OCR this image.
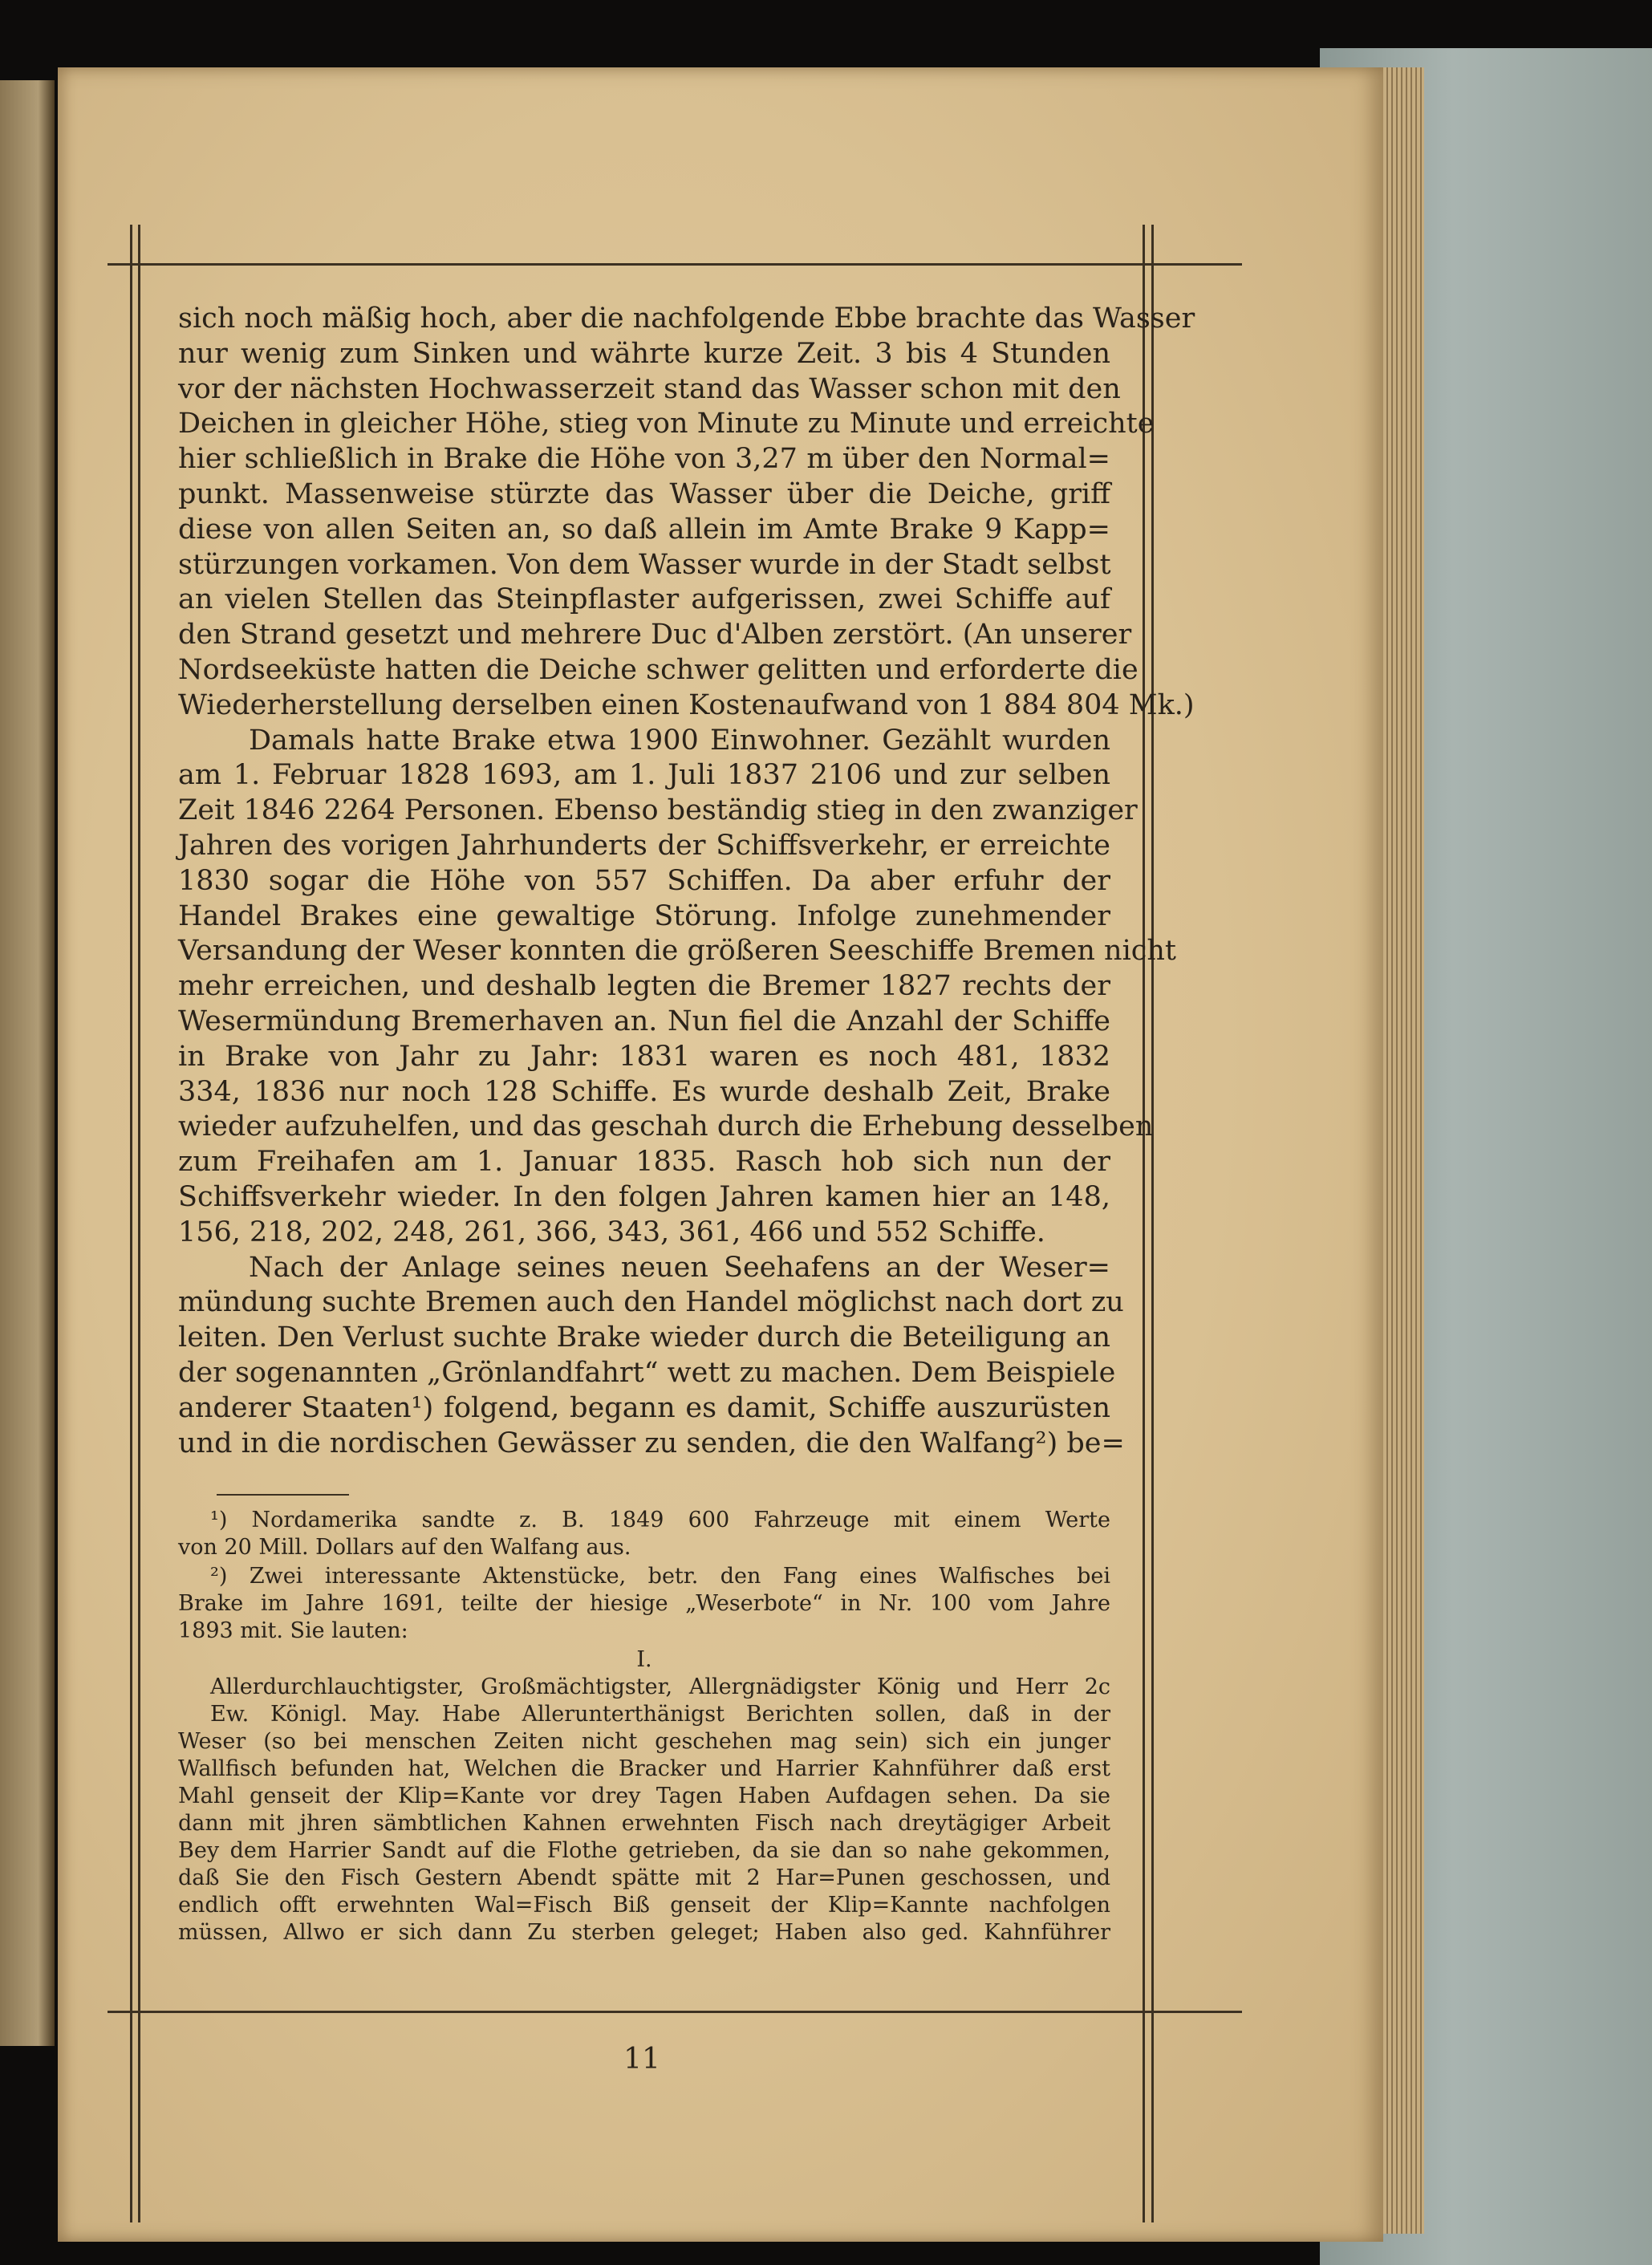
sich noch mäßig hoch, aber die nachfolgende Ebbe brachte das Wasser
nur wenig zum Sinken und währte kurze Zeit. 3 bis 4 Stunden
vor der nächsten Hochwasserzeit stand das Wasser schon mit den
Deichen in gleicher Höhe, stieg von Minute zu Minute und erreichte
hier schließlich in Brake die Höhe von 3,27 m über den Normal=
punkt. Massenweise stürzte das Wasser über die Deiche, griff
diese von allen Seiten an, so daß allein im Amte Brake 9 Kapp=
stürzungen vorkamen. Von dem Wasser wurde in der Stadt selbst
an vielen Stellen das Steinpflaster aufgerissen, zwei Schiffe auf
den Strand gesetzt und mehrere Duc d'Alben zerstört. (An unserer
Nordseeküste hatten die Deiche schwer gelitten und erforderte die
Wiederherstellung derselben einen Kostenaufwand von 1 884 804 Mk.)
Damals hatte Brake etwa 1900 Einwohner. Gezählt wurden
am 1. Februar 1828 1693, am 1. Juli 1837 2106 und zur selben
Zeit 1846 2264 Personen. Ebenso beständig stieg in den zwanziger
Jahren des vorigen Jahrhunderts der Schiffsverkehr, er erreichte
1830 sogar die Höhe von 557 Schiffen. Da aber erfuhr der
Handel Brakes eine gewaltige Störung. Infolge zunehmender
Versandung der Weser konnten die größeren Seeschiffe Bremen nicht
mehr erreichen, und deshalb legten die Bremer 1827 rechts der
Wesermündung Bremerhaven an. Nun fiel die Anzahl der Schiffe
in Brake von Jahr zu Jahr: 1831 waren es noch 481, 1832
334, 1836 nur noch 128 Schiffe. Es wurde deshalb Zeit, Brake
wieder aufzuhelfen, und das geschah durch die Erhebung desselben
zum Freihafen am 1. Januar 1835. Rasch hob sich nun der
Schiffsverkehr wieder. In den folgen Jahren kamen hier an 148,
156, 218, 202, 248, 261, 366, 343, 361, 466 und 552 Schiffe.
Nach der Anlage seines neuen Seehafens an der Weser=
mündung suchte Bremen auch den Handel möglichst nach dort zu
leiten. Den Verlust suchte Brake wieder durch die Beteiligung an
der sogenannten „Grönlandfahrt“ wett zu machen. Dem Beispiele
anderer Staaten¹) folgend, begann es damit, Schiffe auszurüsten
und in die nordischen Gewässer zu senden, die den Walfang²) be=
¹) Nordamerika sandte z. B. 1849 600 Fahrzeuge mit einem Werte
von 20 Mill. Dollars auf den Walfang aus.
²) Zwei interessante Aktenstücke, betr. den Fang eines Walfisches bei
Brake im Jahre 1691, teilte der hiesige „Weserbote“ in Nr. 100 vom Jahre
1893 mit. Sie lauten:
I.
Allerdurchlauchtigster, Großmächtigster, Allergnädigster König und Herr 2c
Ew. Königl. May. Habe Allerunterthänigst Berichten sollen, daß in der
Weser (so bei menschen Zeiten nicht geschehen mag sein) sich ein junger
Wallfisch befunden hat, Welchen die Bracker und Harrier Kahnführer daß erst
Mahl genseit der Klip=Kante vor drey Tagen Haben Aufdagen sehen. Da sie
dann mit jhren sämbtlichen Kahnen erwehnten Fisch nach dreytägiger Arbeit
Bey dem Harrier Sandt auf die Flothe getrieben, da sie dan so nahe gekommen,
daß Sie den Fisch Gestern Abendt spätte mit 2 Har=Punen geschossen, und
endlich offt erwehnten Wal=Fisch Biß genseit der Klip=Kannte nachfolgen
müssen, Allwo er sich dann Zu sterben geleget; Haben also ged. Kahnführer
11
